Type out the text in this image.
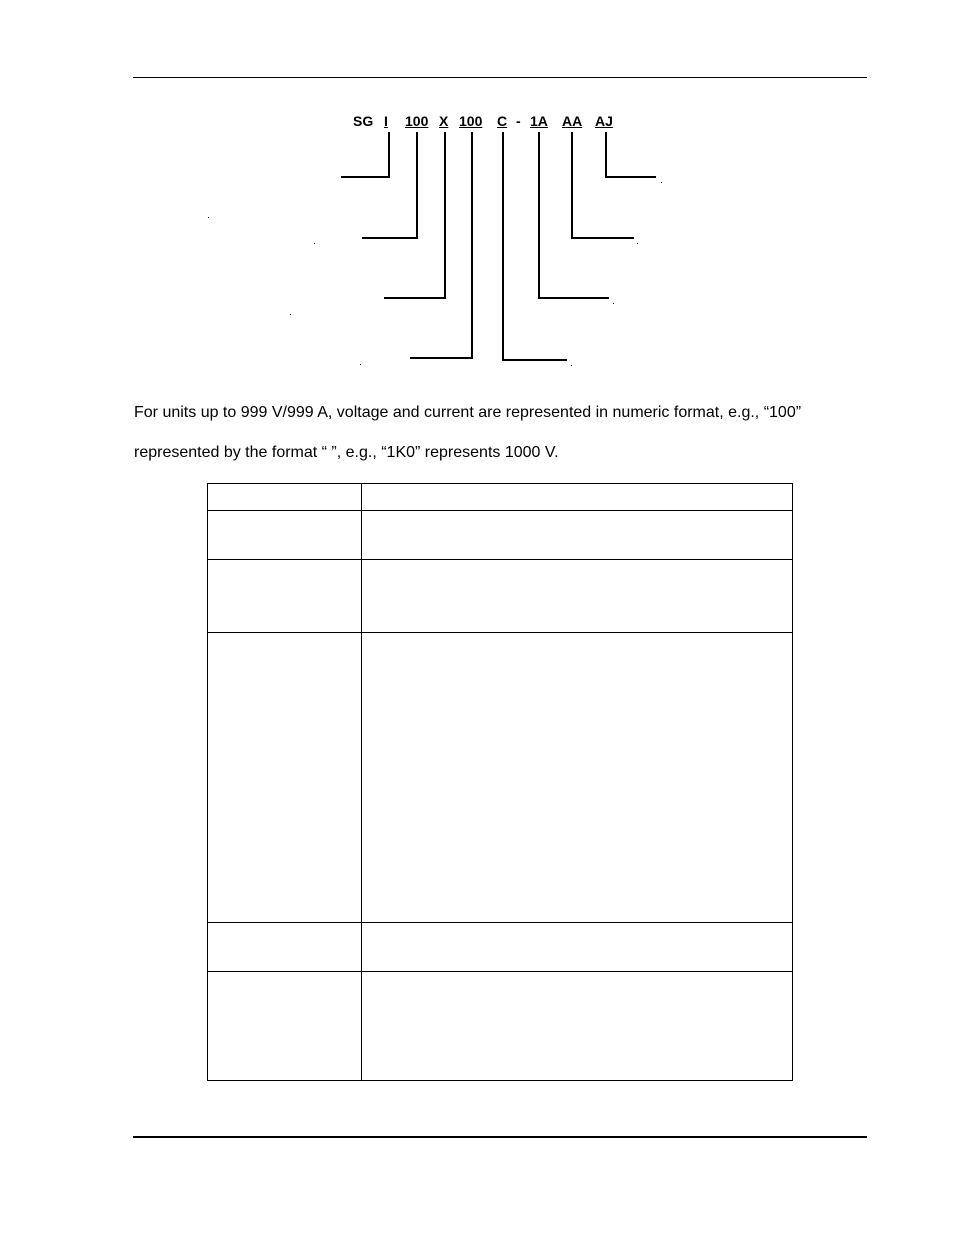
SG I 100 X 100 C - 1A AA AJ
For units up to 999 V/999 A, voltage and current are represented in numeric format, e.g., “100”
represented by the format “ ”, e.g., “1K0” represents 1000 V.
